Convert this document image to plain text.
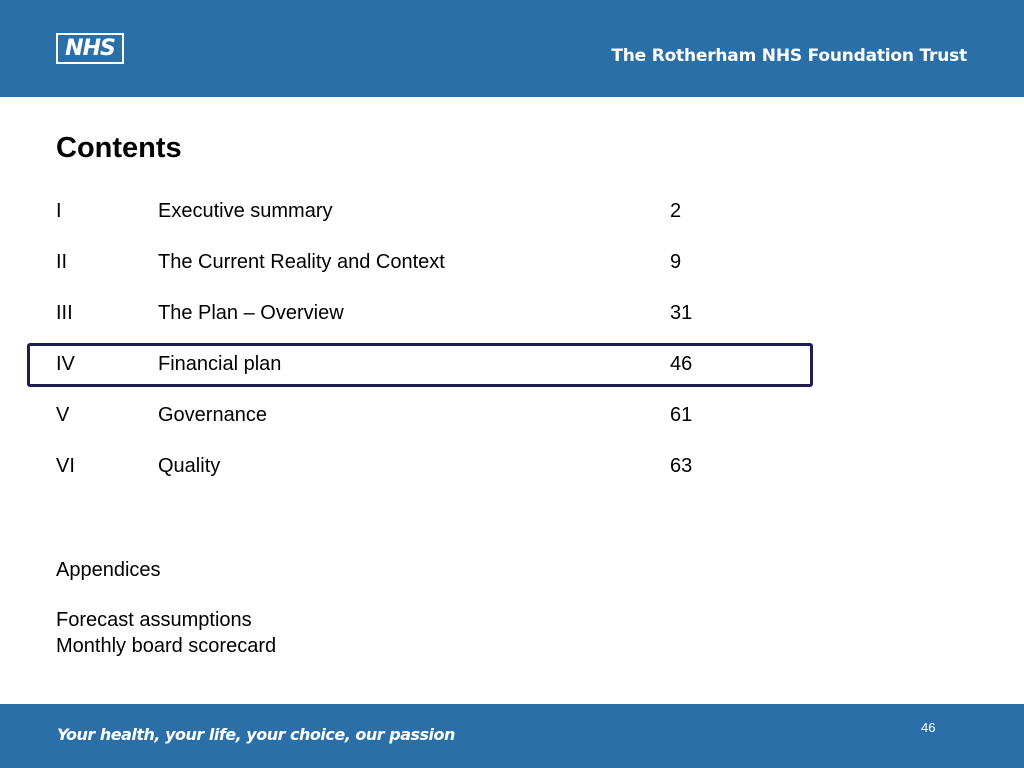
NHS	The Rotherham NHS Foundation Trust
Contents
I	Executive summary	2
II	The Current Reality and Context	9
III	The Plan – Overview	31
IV	Financial plan	46
V	Governance	61
VI	Quality	63
Appendices
Forecast assumptions
Monthly board scorecard
Your health, your life, your choice, our passion	46
